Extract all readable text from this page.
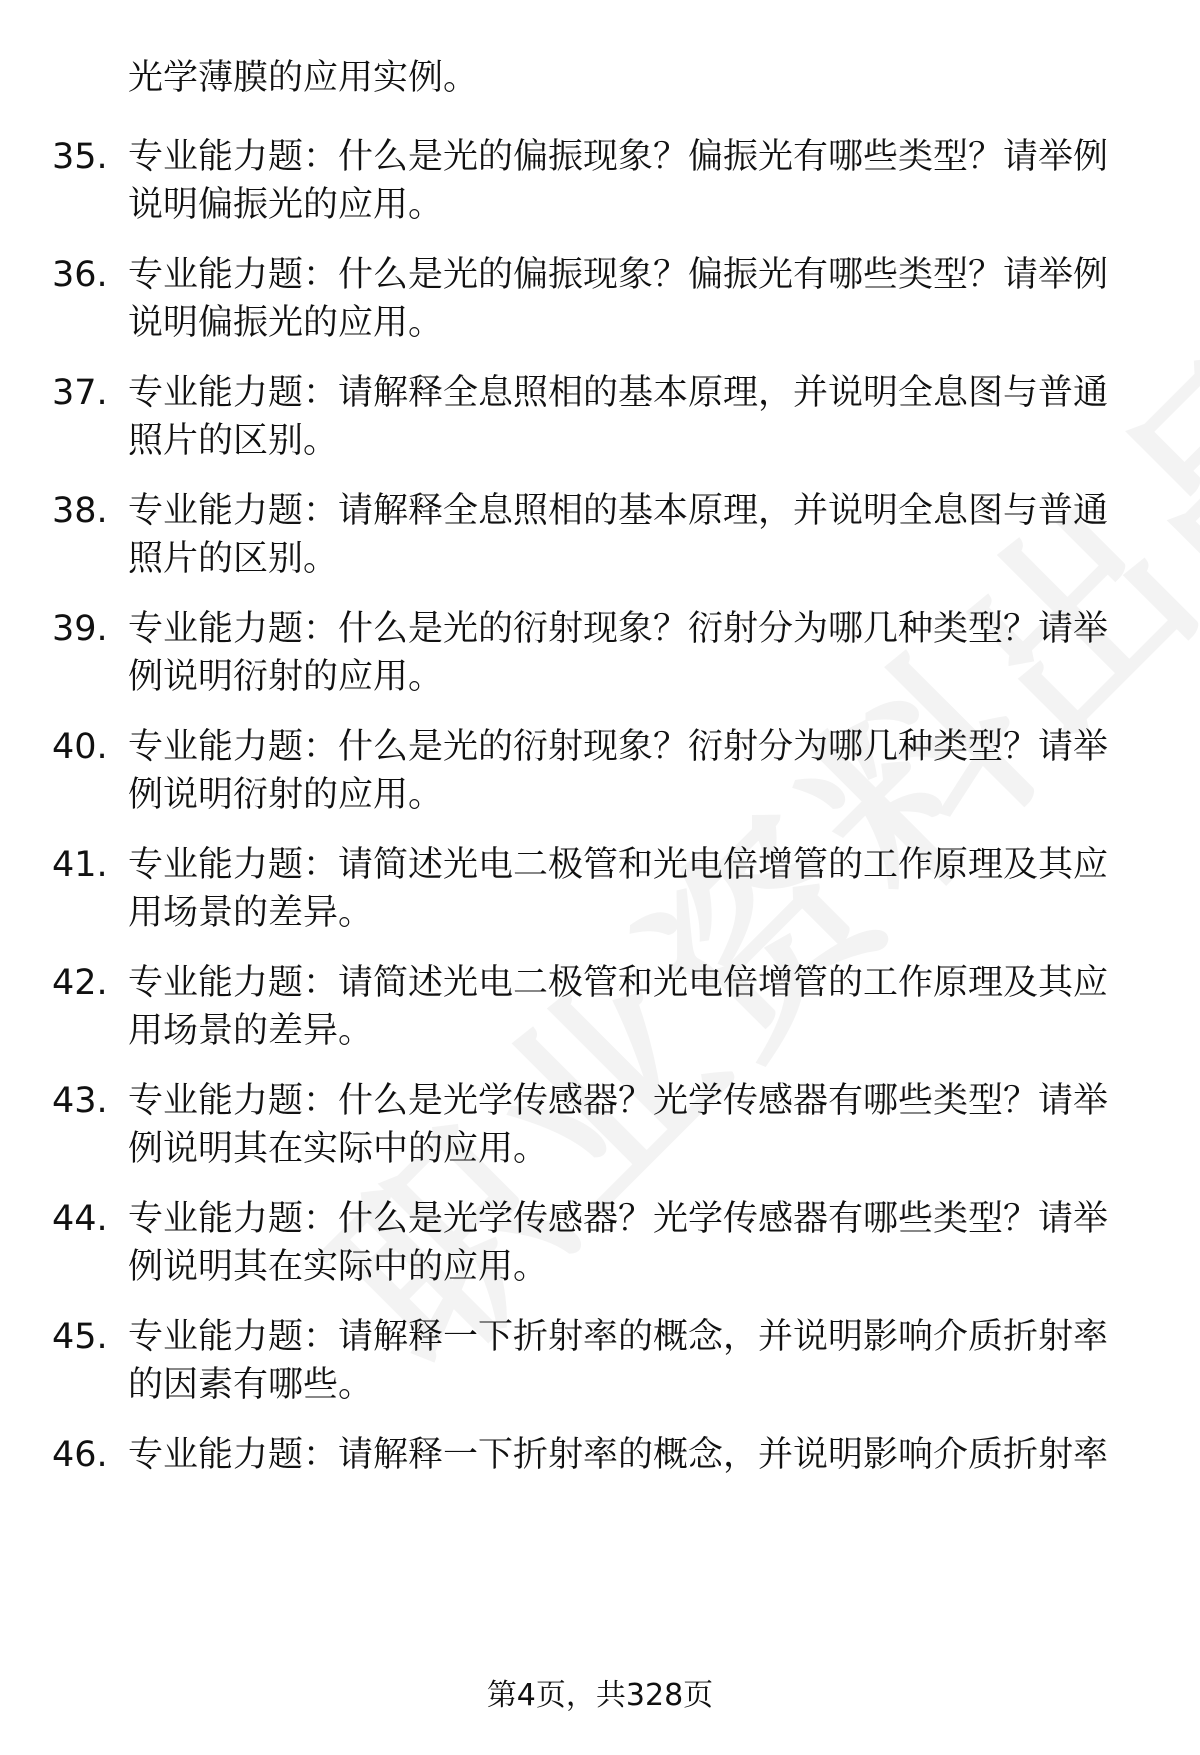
光学薄膜的应用实例。
35. 专业能力题：什么是光的偏振现象？偏振光有哪些类型？请举例
说明偏振光的应用。
36. 专业能力题：什么是光的偏振现象？偏振光有哪些类型？请举例
说明偏振光的应用。
37. 专业能力题：请解释全息照相的基本原理，并说明全息图与普通
照片的区别。
38. 专业能力题：请解释全息照相的基本原理，并说明全息图与普通
照片的区别。
39. 专业能力题：什么是光的衍射现象？衍射分为哪几种类型？请举
例说明衍射的应用。
40. 专业能力题：什么是光的衍射现象？衍射分为哪几种类型？请举
例说明衍射的应用。
41. 专业能力题：请简述光电二极管和光电倍增管的工作原理及其应
用场景的差异。
42. 专业能力题：请简述光电二极管和光电倍增管的工作原理及其应
用场景的差异。
43. 专业能力题：什么是光学传感器？光学传感器有哪些类型？请举
例说明其在实际中的应用。
44. 专业能力题：什么是光学传感器？光学传感器有哪些类型？请举
例说明其在实际中的应用。
45. 专业能力题：请解释一下折射率的概念，并说明影响介质折射率
的因素有哪些。
46. 专业能力题：请解释一下折射率的概念，并说明影响介质折射率
第4页，共328页
